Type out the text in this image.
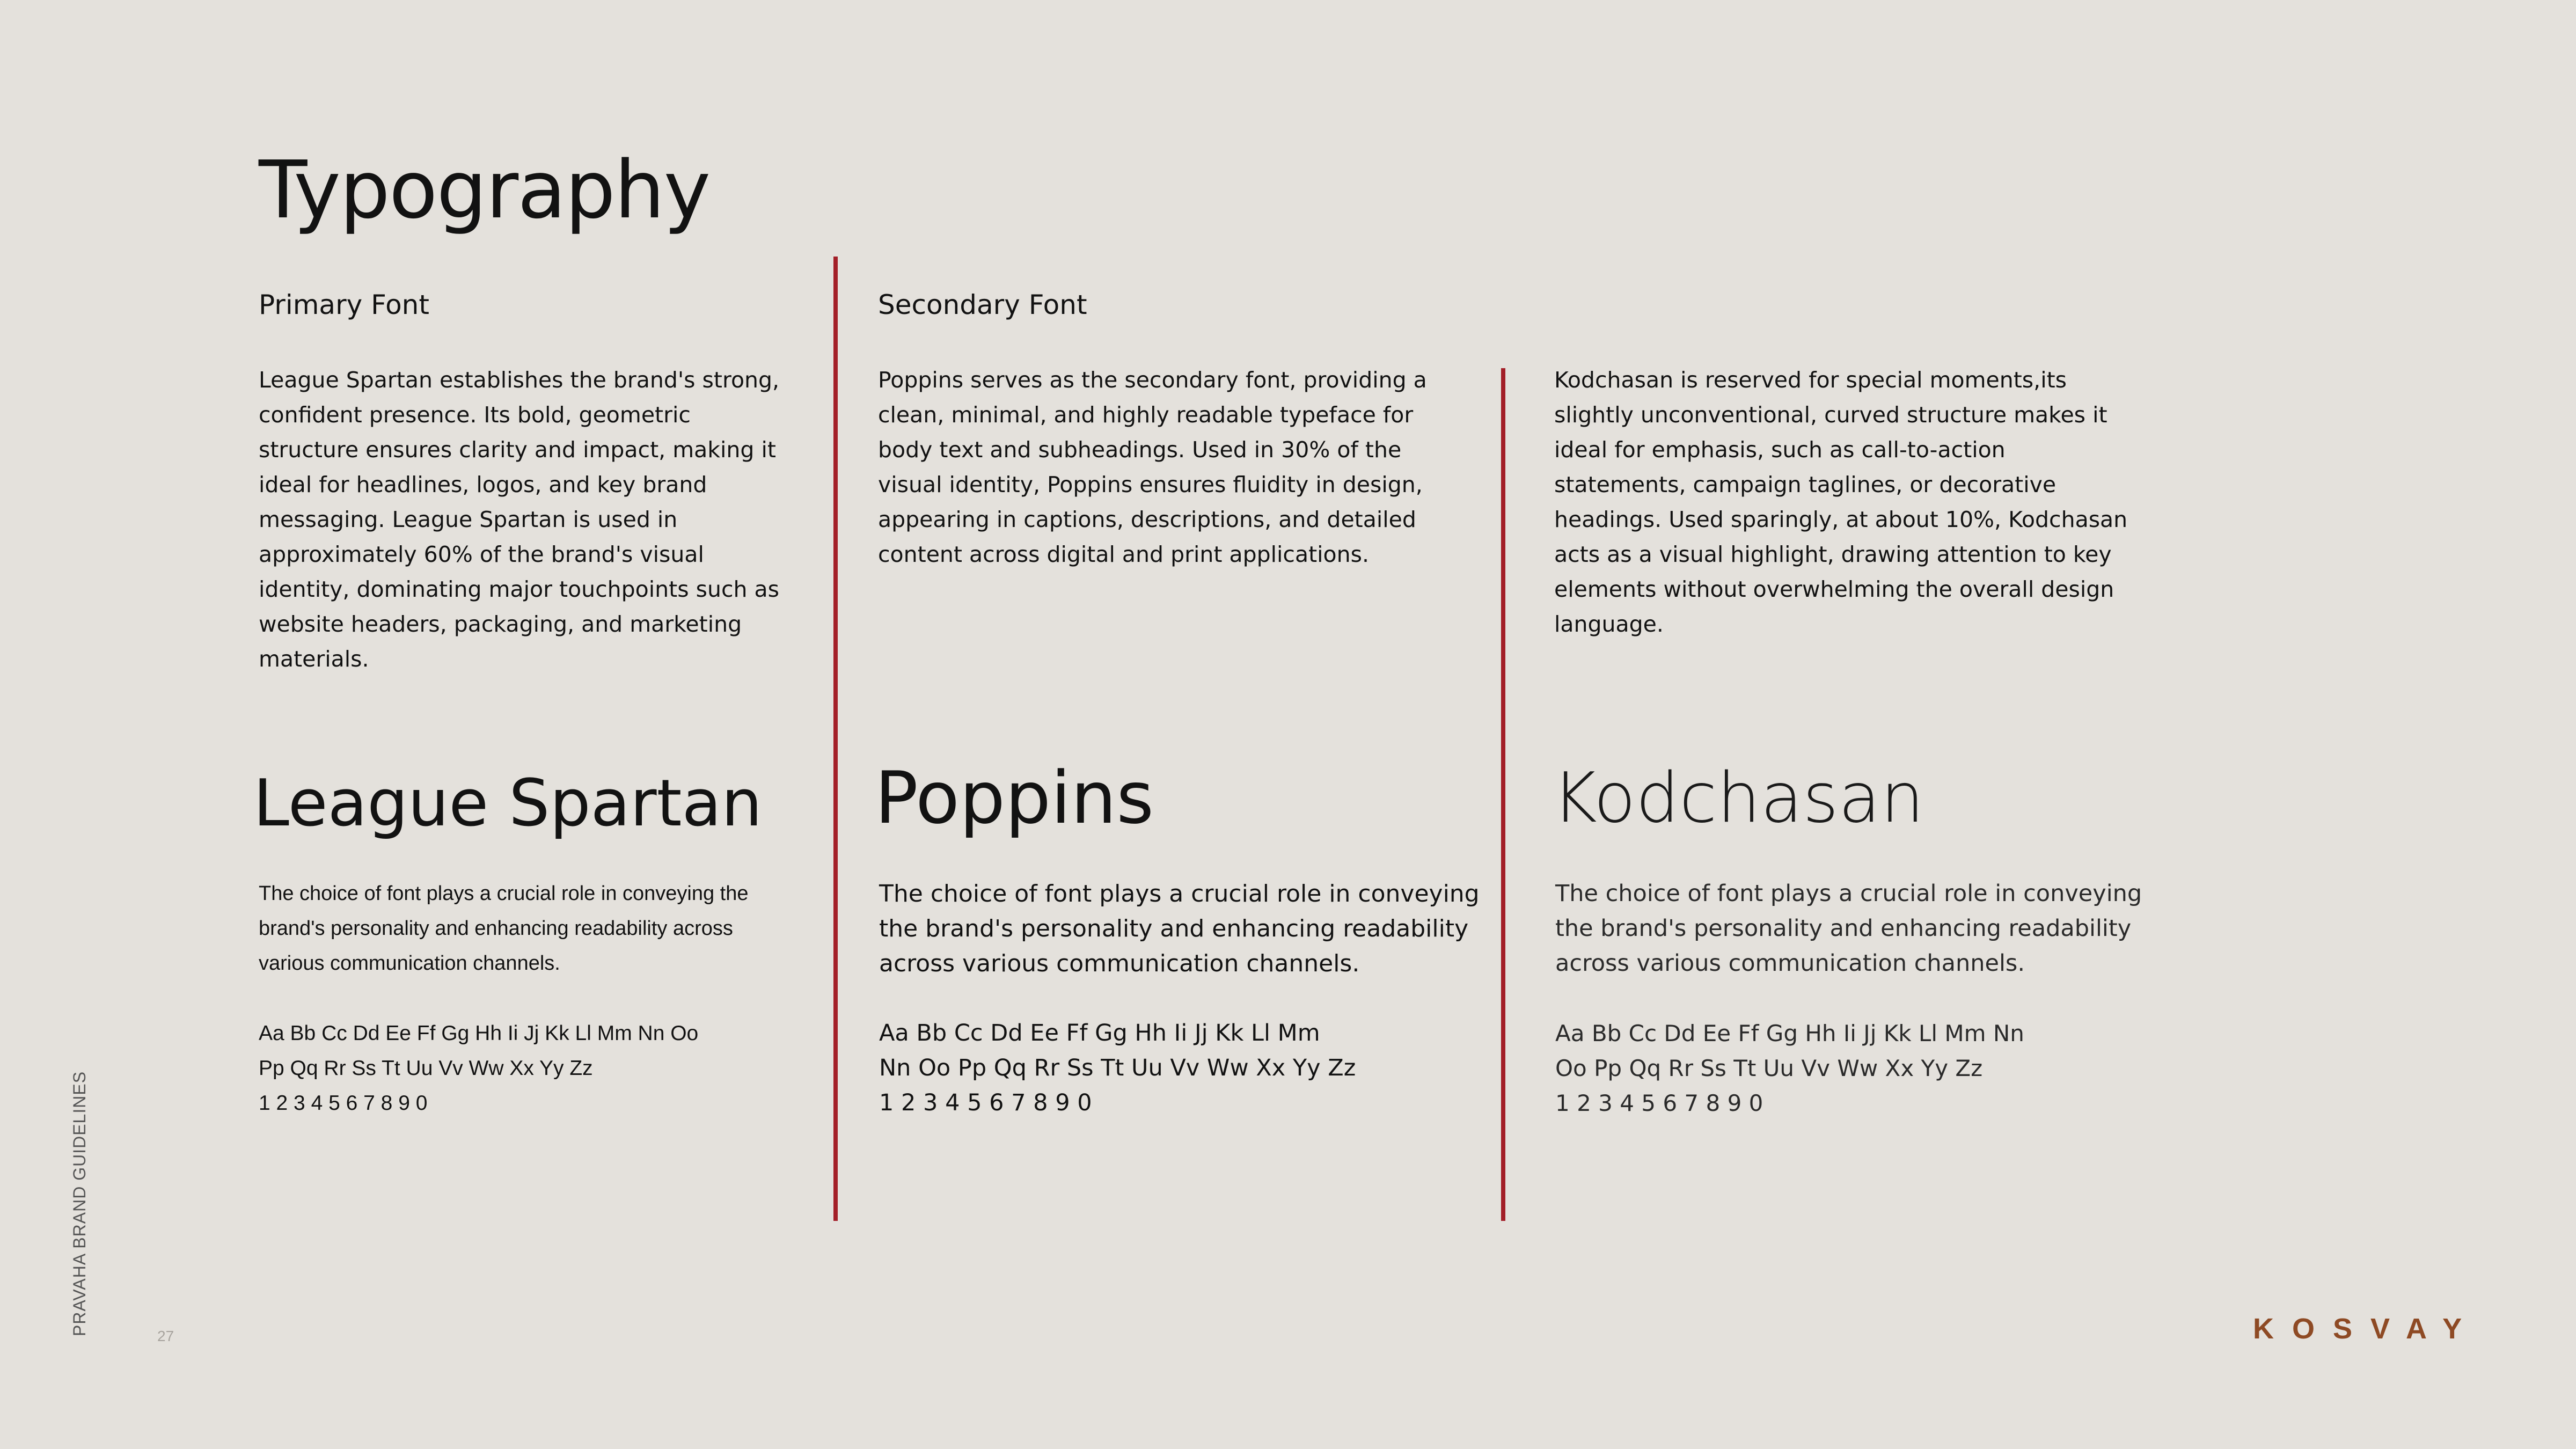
Typography
Primary Font
League Spartan establishes the brand's strong, confident presence. Its bold, geometric structure ensures clarity and impact, making it ideal for headlines, logos, and key brand messaging. League Spartan is used in approximately 60% of the brand's visual identity, dominating major touchpoints such as website headers, packaging, and marketing materials.
League Spartan
The choice of font plays a crucial role in conveying the brand's personality and enhancing readability across various communication channels.
Aa Bb Cc Dd Ee Ff Gg Hh Ii Jj Kk Ll Mm Nn Oo
Pp Qq Rr Ss Tt Uu Vv Ww Xx Yy Zz
1 2 3 4 5 6 7 8 9 0
Secondary Font
Poppins serves as the secondary font, providing a clean, minimal, and highly readable typeface for body text and subheadings. Used in 30% of the visual identity, Poppins ensures fluidity in design, appearing in captions, descriptions, and detailed content across digital and print applications.
Poppins
The choice of font plays a crucial role in conveying the brand's personality and enhancing readability across various communication channels.
Aa Bb Cc Dd Ee Ff Gg Hh Ii Jj Kk Ll Mm
Nn Oo Pp Qq Rr Ss Tt Uu Vv Ww Xx Yy Zz
1 2 3 4 5 6 7 8 9 0
Kodchasan is reserved for special moments,its slightly unconventional, curved structure makes it ideal for emphasis, such as call-to-action statements, campaign taglines, or decorative headings. Used sparingly, at about 10%, Kodchasan acts as a visual highlight, drawing attention to key elements without overwhelming the overall design language.
Kodchasan
The choice of font plays a crucial role in conveying the brand's personality and enhancing readability across various communication channels.
Aa Bb Cc Dd Ee Ff Gg Hh Ii Jj Kk Ll Mm Nn
Oo Pp Qq Rr Ss Tt Uu Vv Ww Xx Yy Zz
1 2 3 4 5 6 7 8 9 0
PRAVAHA BRAND GUIDELINES	27	KOSVAY
